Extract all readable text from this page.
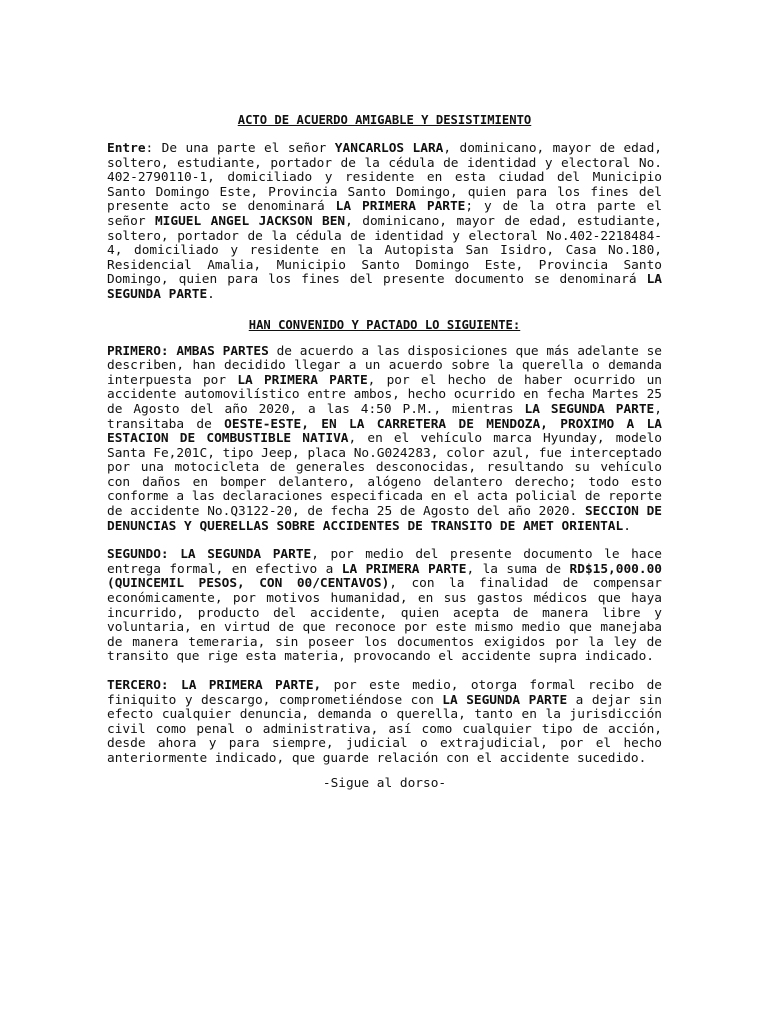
ACTO DE ACUERDO AMIGABLE Y DESISTIMIENTO

Entre: De una parte el señor YANCARLOS LARA, dominicano, mayor de edad, soltero, estudiante, portador de la cédula de identidad y electoral No. 402-2790110-1, domiciliado y residente en esta ciudad del Municipio Santo Domingo Este, Provincia Santo Domingo, quien para los fines del presente acto se denominará LA PRIMERA PARTE; y de la otra parte el señor MIGUEL ANGEL JACKSON BEN, dominicano, mayor de edad, estudiante, soltero, portador de la cédula de identidad y electoral No.402-2218484-4, domiciliado y residente en la Autopista San Isidro, Casa No.180, Residencial Amalia, Municipio Santo Domingo Este, Provincia Santo Domingo, quien para los fines del presente documento se denominará LA SEGUNDA PARTE.

HAN CONVENIDO Y PACTADO LO SIGUIENTE:

PRIMERO: AMBAS PARTES de acuerdo a las disposiciones que más adelante se describen, han decidido llegar a un acuerdo sobre la querella o demanda interpuesta por LA PRIMERA PARTE, por el hecho de haber ocurrido un accidente automovilístico entre ambos, hecho ocurrido en fecha Martes 25 de Agosto del año 2020, a las 4:50 P.M., mientras LA SEGUNDA PARTE, transitaba de OESTE-ESTE, EN LA CARRETERA DE MENDOZA, PROXIMO A LA ESTACION DE COMBUSTIBLE NATIVA, en el vehículo marca Hyunday, modelo Santa Fe,201C, tipo Jeep, placa No.G024283, color azul, fue interceptado por una motocicleta de generales desconocidas, resultando su vehículo con daños en bomper delantero, alógeno delantero derecho; todo esto conforme a las declaraciones especificada en el acta policial de reporte de accidente No.Q3122-20, de fecha 25 de Agosto del año 2020. SECCION DE DENUNCIAS Y QUERELLAS SOBRE ACCIDENTES DE TRANSITO DE AMET ORIENTAL.

SEGUNDO: LA SEGUNDA PARTE, por medio del presente documento le hace entrega formal, en efectivo a LA PRIMERA PARTE, la suma de RD$15,000.00 (QUINCEMIL PESOS, CON 00/CENTAVOS), con la finalidad de compensar económicamente, por motivos humanidad, en sus gastos médicos que haya incurrido, producto del accidente, quien acepta de manera libre y voluntaria, en virtud de que reconoce por este mismo medio que manejaba de manera temeraria, sin poseer los documentos exigidos por la ley de transito que rige esta materia, provocando el accidente supra indicado.

TERCERO: LA PRIMERA PARTE, por este medio, otorga formal recibo de finiquito y descargo, comprometiéndose con LA SEGUNDA PARTE a dejar sin efecto cualquier denuncia, demanda o querella, tanto en la jurisdicción civil como penal o administrativa, así como cualquier tipo de acción, desde ahora y para siempre, judicial o extrajudicial, por el hecho anteriormente indicado, que guarde relación con el accidente sucedido.

-Sigue al dorso-
